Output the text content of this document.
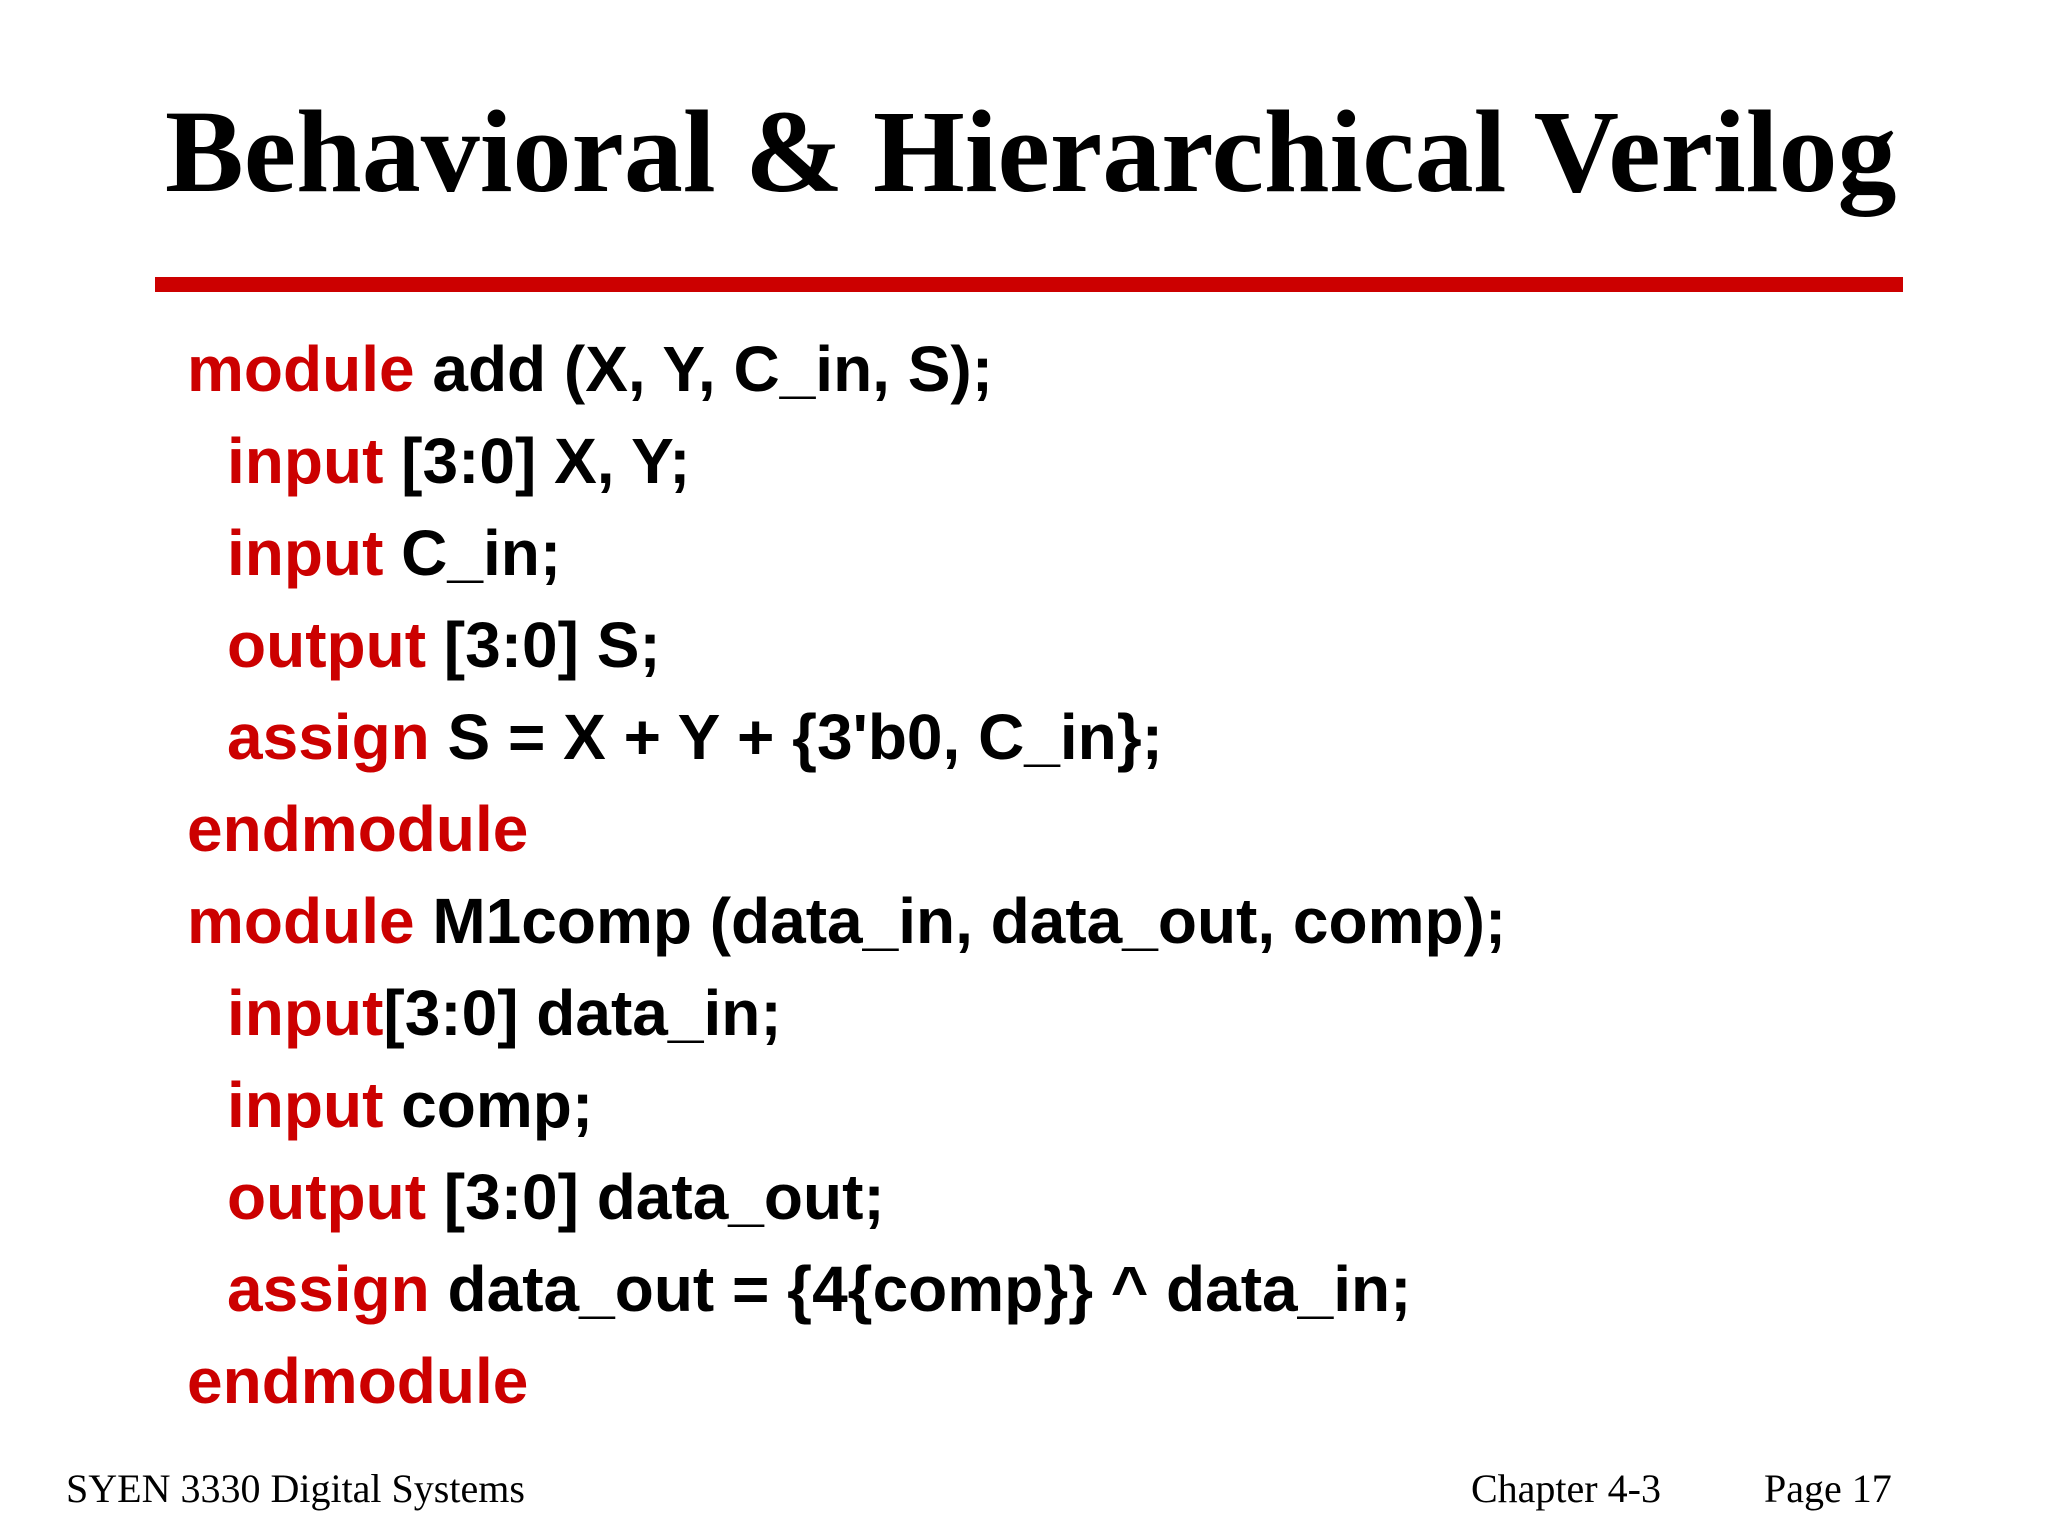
Behavioral & Hierarchical Verilog
module add (X, Y, C_in, S);
input [3:0] X, Y;
input C_in;
output [3:0] S;
assign S = X + Y + {3'b0, C_in};
endmodule
module M1comp (data_in, data_out, comp);
input[3:0] data_in;
input comp;
output [3:0] data_out;
assign data_out = {4{comp}} ^ data_in;
endmodule
SYEN 3330 Digital Systems	Chapter 4-3	Page 17
